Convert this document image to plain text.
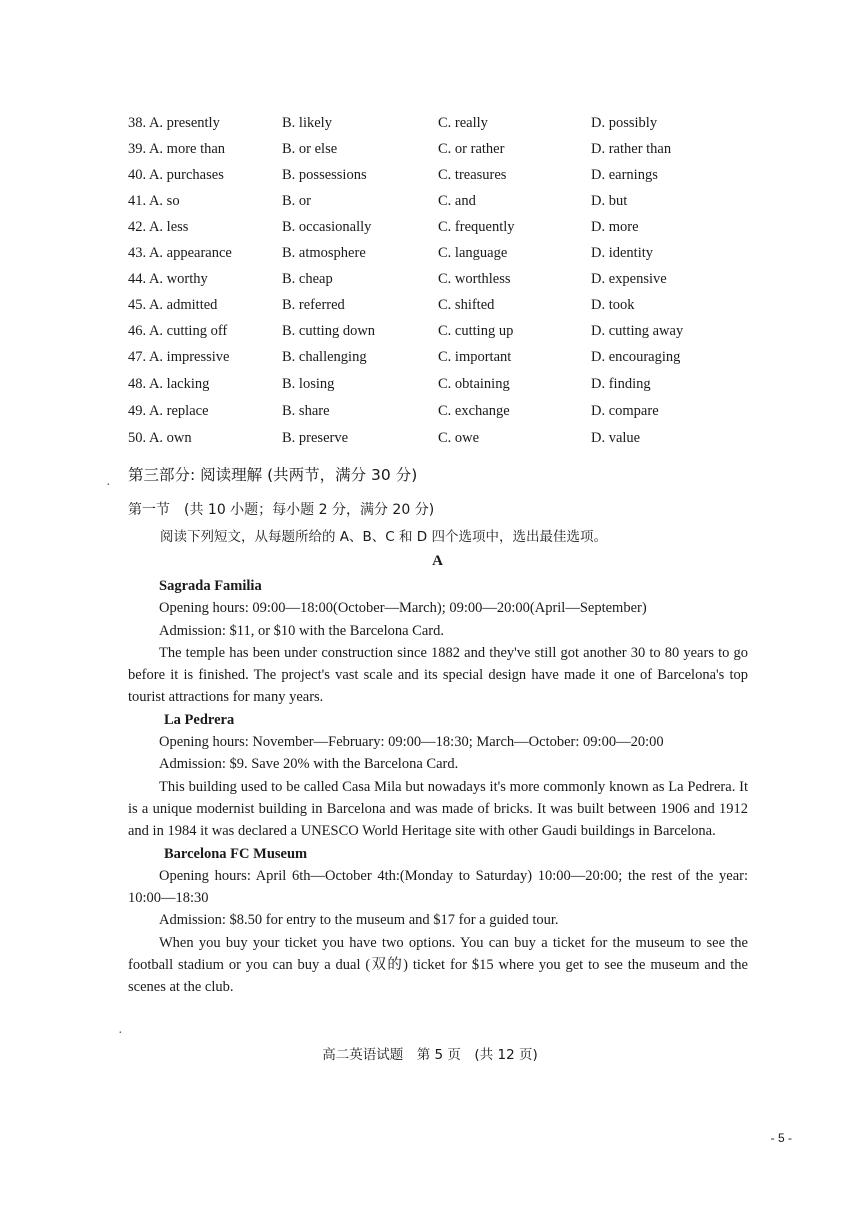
38. A. presently	B. likely	C. really	D. possibly
39. A. more than	B. or else	C. or rather	D. rather than
40. A. purchases	B. possessions	C. treasures	D. earnings
41. A. so	B. or	C. and	D. but
42. A. less	B. occasionally	C. frequently	D. more
43. A. appearance	B. atmosphere	C. language	D. identity
44. A. worthy	B. cheap	C. worthless	D. expensive
45. A. admitted	B. referred	C. shifted	D. took
46. A. cutting off	B. cutting down	C. cutting up	D. cutting away
47. A. impressive	B. challenging	C. important	D. encouraging
48. A. lacking	B. losing	C. obtaining	D. finding
49. A. replace	B. share	C. exchange	D. compare
50. A. own	B. preserve	C. owe	D. value
第三部分: 阅读理解 (共两节，满分 30 分)
·
第一节　(共 10 小题；每小题 2 分，满分 20 分)
阅读下列短文，从每题所给的 A、B、C 和 D 四个选项中，选出最佳选项。
A

Sagrada Familia

Opening hours: 09:00—18:00(October—March); 09:00—20:00(April—September)

Admission: $11, or $10 with the Barcelona Card.

The temple has been under construction since 1882 and they've still got another 30 to 80 years to go before it is finished. The project's vast scale and its special design have made it one of Barcelona's top tourist attractions for many years.

La Pedrera

Opening hours: November—February: 09:00—18:30; March—October: 09:00—20:00

Admission: $9. Save 20% with the Barcelona Card.

This building used to be called Casa Mila but nowadays it's more commonly known as La Pedrera. It is a unique modernist building in Barcelona and was made of bricks. It was built between 1906 and 1912 and in 1984 it was declared a UNESCO World Heritage site with other Gaudi buildings in Barcelona.

Barcelona FC Museum

Opening hours: April 6th—October 4th:(Monday to Saturday) 10:00—20:00; the rest of the year: 10:00—18:30

Admission: $8.50 for entry to the museum and $17 for a guided tour.

When you buy your ticket you have two options. You can buy a ticket for the museum to see the football stadium or you can buy a dual (双的) ticket for $15 where you get to see the museum and the scenes at the club.

·
高二英语试题　第 5 页　(共 12 页)
- 5 -
